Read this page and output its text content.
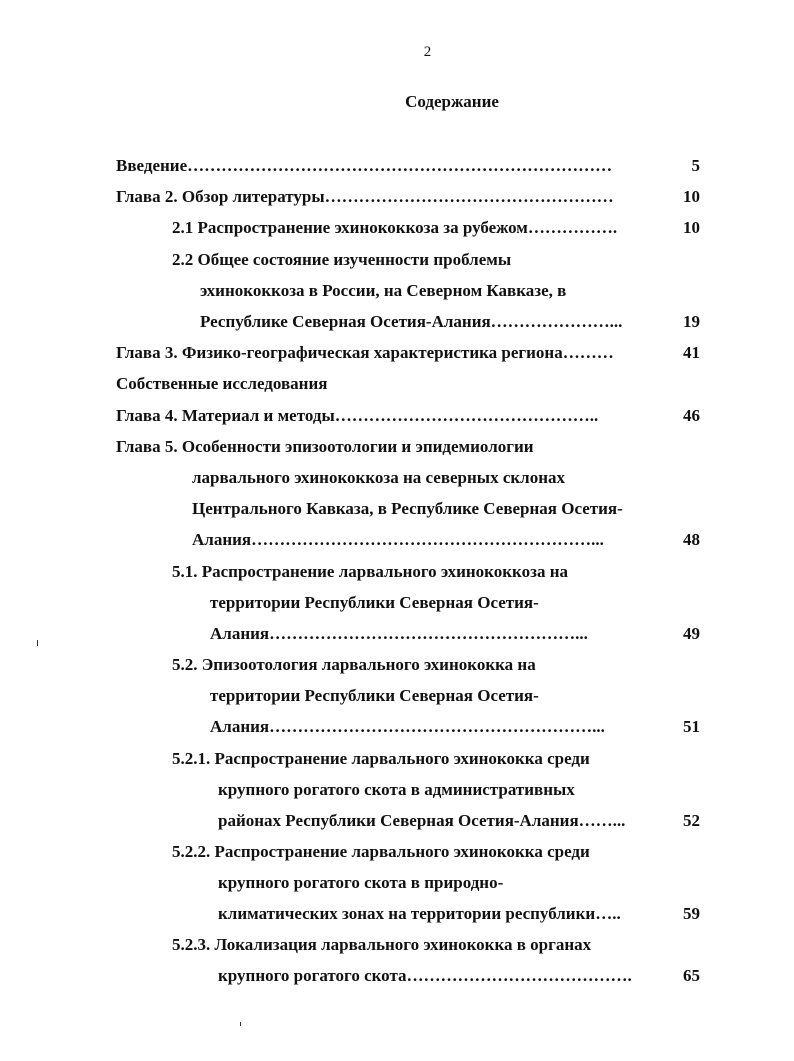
2
Содержание
Введение…………………………………………………………………	5
Глава 2. Обзор литературы……………………………………………	10
2.1 Распространение эхинококкоза за рубежом…………….	10
2.2 Общее состояние изученности проблемы
эхинококкоза в России, на Северном Кавказе, в
Республике Северная Осетия-Алания…………………...	19
Глава 3. Физико-географическая характеристика региона………	41
Собственные исследования
Глава 4. Материал и методы………………………………………..	46
Глава 5. Особенности эпизоотологии и эпидемиологии
ларвального эхинококкоза на северных склонах
Центрального Кавказа, в Республике Северная Осетия-
Алания……………………………………………………...	48
5.1. Распространение ларвального эхинококкоза на
территории Республики Северная Осетия-
Алания………………………………………………...	49
5.2. Эпизоотология ларвального эхинококка на
территории Республики Северная Осетия-
Алания…………………………………………………...	51
5.2.1. Распространение ларвального эхинококка среди
крупного рогатого скота в административных
районах Республики Северная Осетия-Алания……...	52
5.2.2. Распространение ларвального эхинококка среди
крупного рогатого скота в природно-
климатических зонах на территории республики…..	59
5.2.3. Локализация ларвального эхинококка в органах
крупного рогатого скота………………………………….	65
